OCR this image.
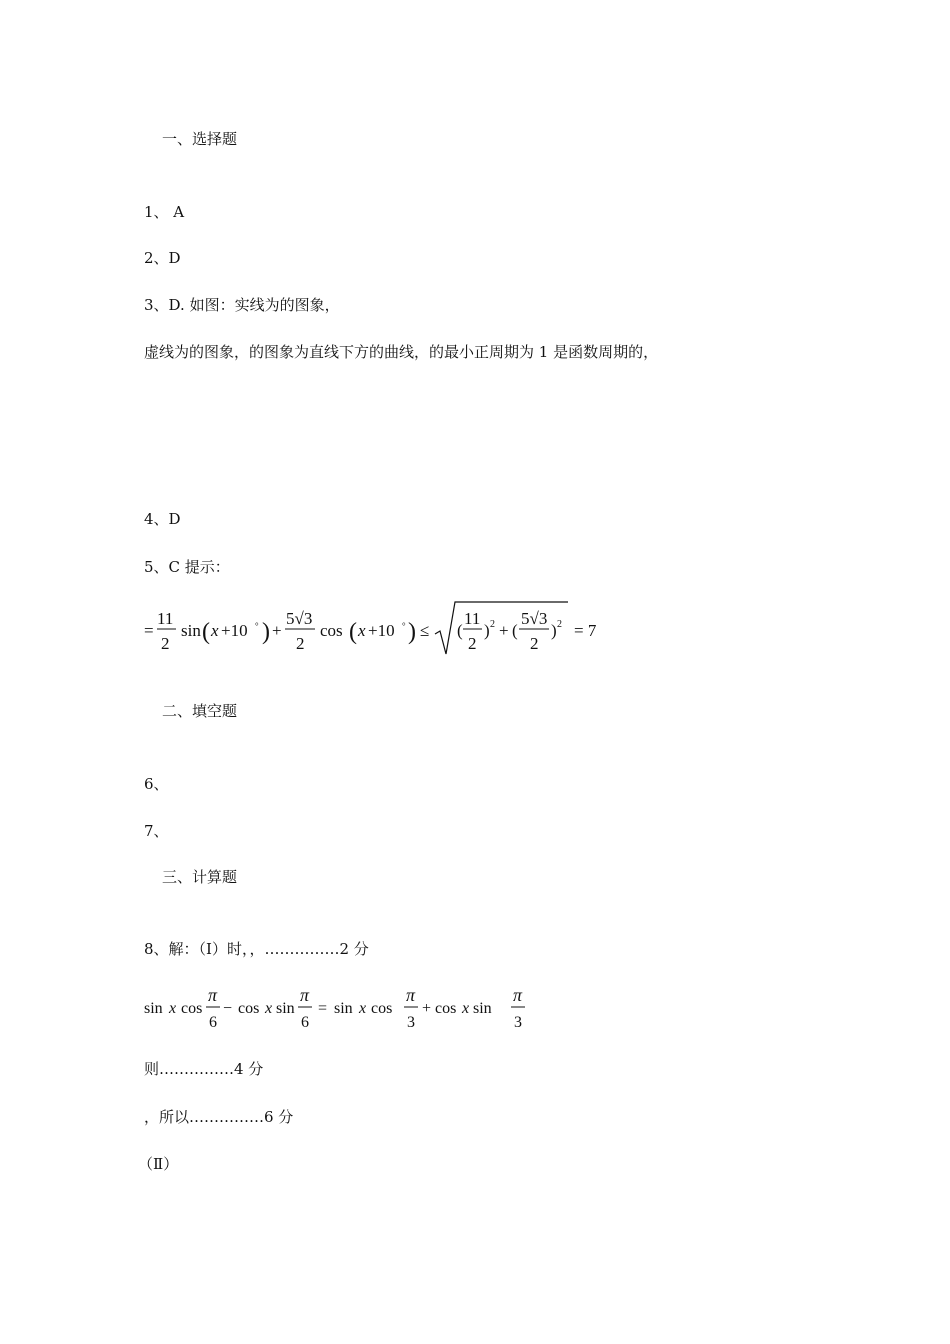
一、选择题
1、 A
2、D
3、D. 如图：实线为的图象，
虚线为的图象，的图象为直线下方的曲线，的最小正周期为 1 是函数周期的，
4、D
5、C 提示：
=
11
2
sin ( x +10 ° ) +
5√3
2
cos ( x +10 ° ) ≤ (
11
2
) 2 + (
5√3
2
) 2 = 7
二、填空题
6、
7、
三、计算题
8、解：（Ⅰ）时，，……………2 分
sin x cos
π
6
− cos x sin
π
6
= sin x cos
π
3
+ cos x sin
π
3
则……………4 分
，所以……………6 分
（Ⅱ）
